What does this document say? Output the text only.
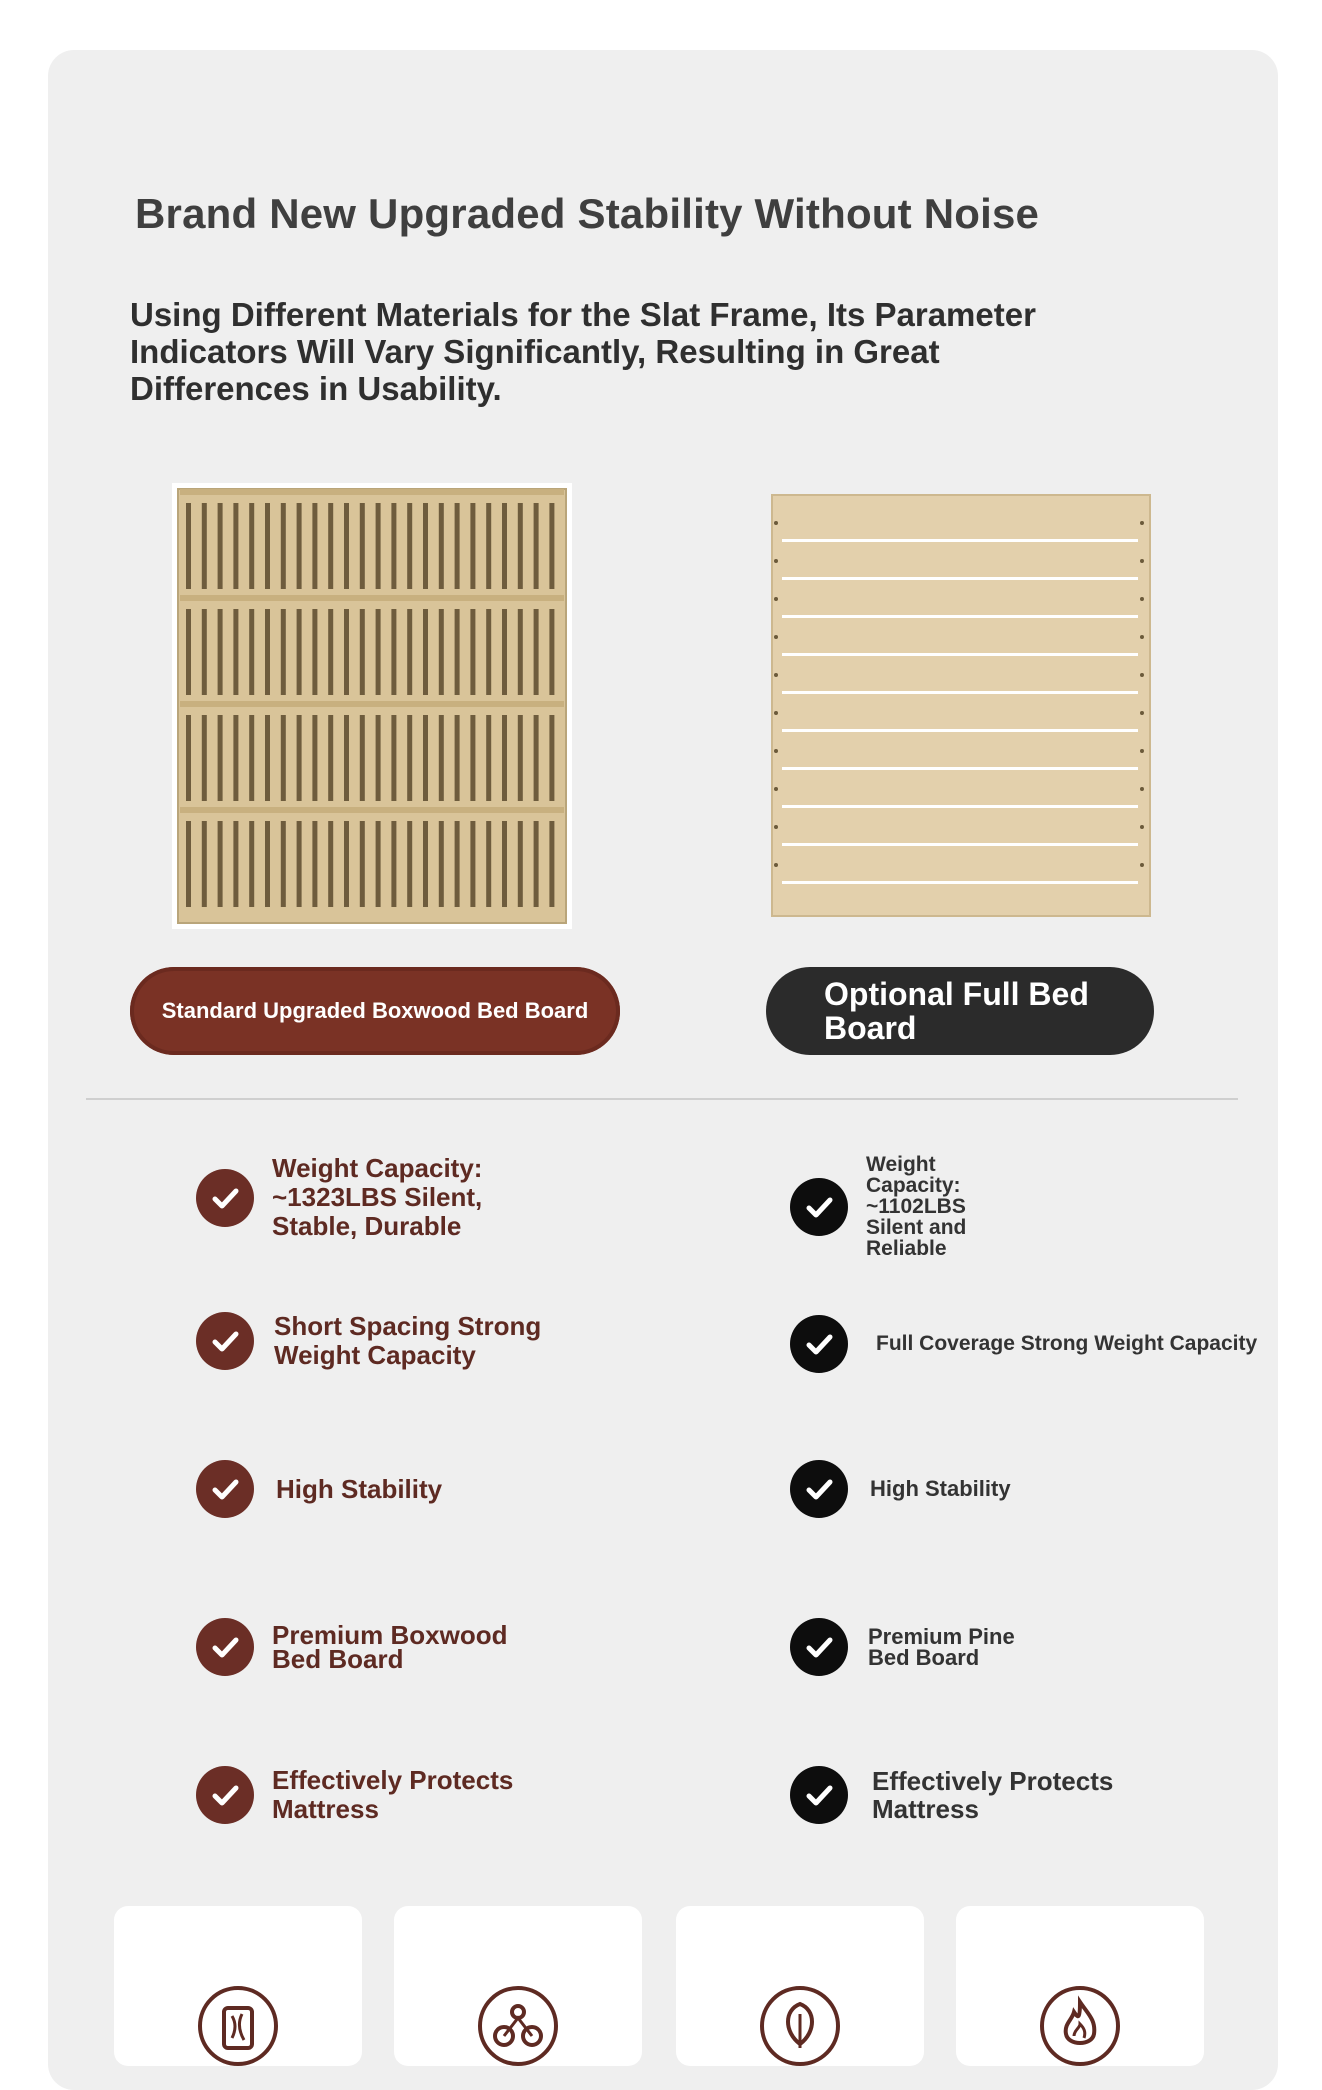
Brand New Upgraded Stability Without Noise

Using Different Materials for the Slat Frame, Its Parameter Indicators Will Vary Significantly, Resulting in Great Differences in Usability.

Standard Upgraded Boxwood Bed Board	Optional Full Bed Board
Weight Capacity: ~1323LBS Silent, Stable, Durable
Short Spacing Strong Weight Capacity
High Stability
Premium Boxwood Bed Board
Effectively Protects Mattress
Weight Capacity: ~1102LBS Silent and Reliable
Full Coverage Strong Weight Capacity
High Stability
Premium Pine Bed Board
Effectively Protects Mattress
